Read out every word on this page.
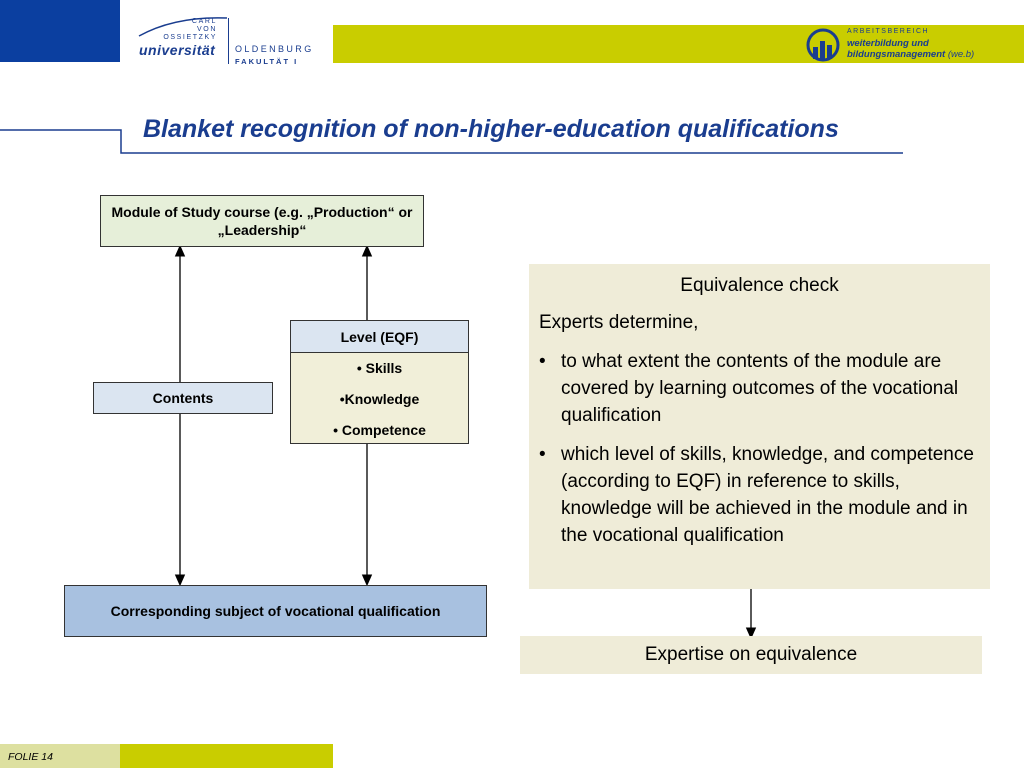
CARL
VON
OSSIETZKY
universität OLDENBURG
FAKULTÄT I
ARBEITSBEREICH
weiterbildung und
bildungsmanagement (we.b)
Blanket recognition of non-higher-education qualifications
Module of Study course (e.g. „Production“ or „Leadership“
Contents
Level (EQF)
• Skills
•Knowledge
• Competence
Corresponding subject of vocational qualification
Equivalence check
Experts determine,
• to what extent the contents of the module are covered by learning outcomes of the vocational qualification
• which level of skills, knowledge, and competence (according to EQF) in reference to skills, knowledge will be achieved in the module and in the vocational qualification
Expertise on equivalence
FOLIE 14
